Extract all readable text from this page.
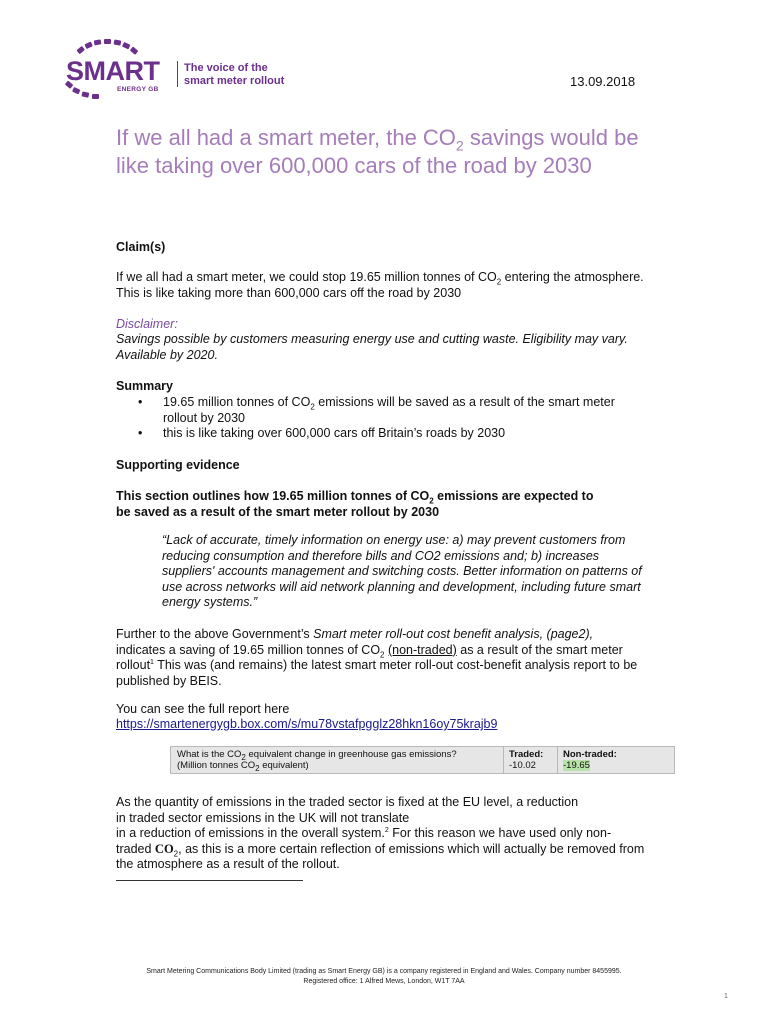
SMART
ENERGY GB
The voice of the
smart meter rollout	13.09.2018
If we all had a smart meter, the $CO_2$ savings would be like taking over 600,000 cars of the road by 2030
Claim(s)
If we all had a smart meter, we could stop 19.65 million tonnes of $CO_2$ entering the atmosphere. This is like taking more than 600,000 cars off the road by 2030
Disclaimer:
Savings possible by customers measuring energy use and cutting waste. Eligibility may vary. Available by 2020.
Summary
• 19.65 million tonnes of $CO_2$ emissions will be saved as a result of the smart meter rollout by 2030
• this is like taking over 600,000 cars off Britain’s roads by 2030
Supporting evidence
This section outlines how 19.65 million tonnes of $CO_2$ emissions are expected to be saved as a result of the smart meter rollout by 2030
“Lack of accurate, timely information on energy use: a) may prevent customers from reducing consumption and therefore bills and CO2 emissions and; b) increases suppliers' accounts management and switching costs. Better information on patterns of use across networks will aid network planning and development, including future smart energy systems.”
Further to the above Government’s Smart meter roll-out cost benefit analysis, (page2), indicates a saving of 19.65 million tonnes of $CO_2$ (non-traded) as a result of the smart meter rollout$^1$ This was (and remains) the latest smart meter roll-out cost-benefit analysis report to be published by BEIS.
You can see the full report here
https://smartenergygb.box.com/s/mu78vstafpgglz28hkn16oy75krajb9
What is the $CO_2$ equivalent change in greenhouse gas emissions?
(Million tonnes $CO_2$ equivalent)
Traded:
-10.02
Non-traded:
-19.65
As the quantity of emissions in the traded sector is fixed at the EU level, a reduction in traded sector emissions in the UK will not translate
in a reduction of emissions in the overall system.$^2$ For this reason we have used only non-traded $CO_2$, as this is a more certain reflection of emissions which will actually be removed from the atmosphere as a result of the rollout.
Smart Metering Communications Body Limited (trading as Smart Energy GB) is a company registered in England and Wales. Company number 8455995.
Registered office: 1 Alfred Mews, London, W1T 7AA
1
